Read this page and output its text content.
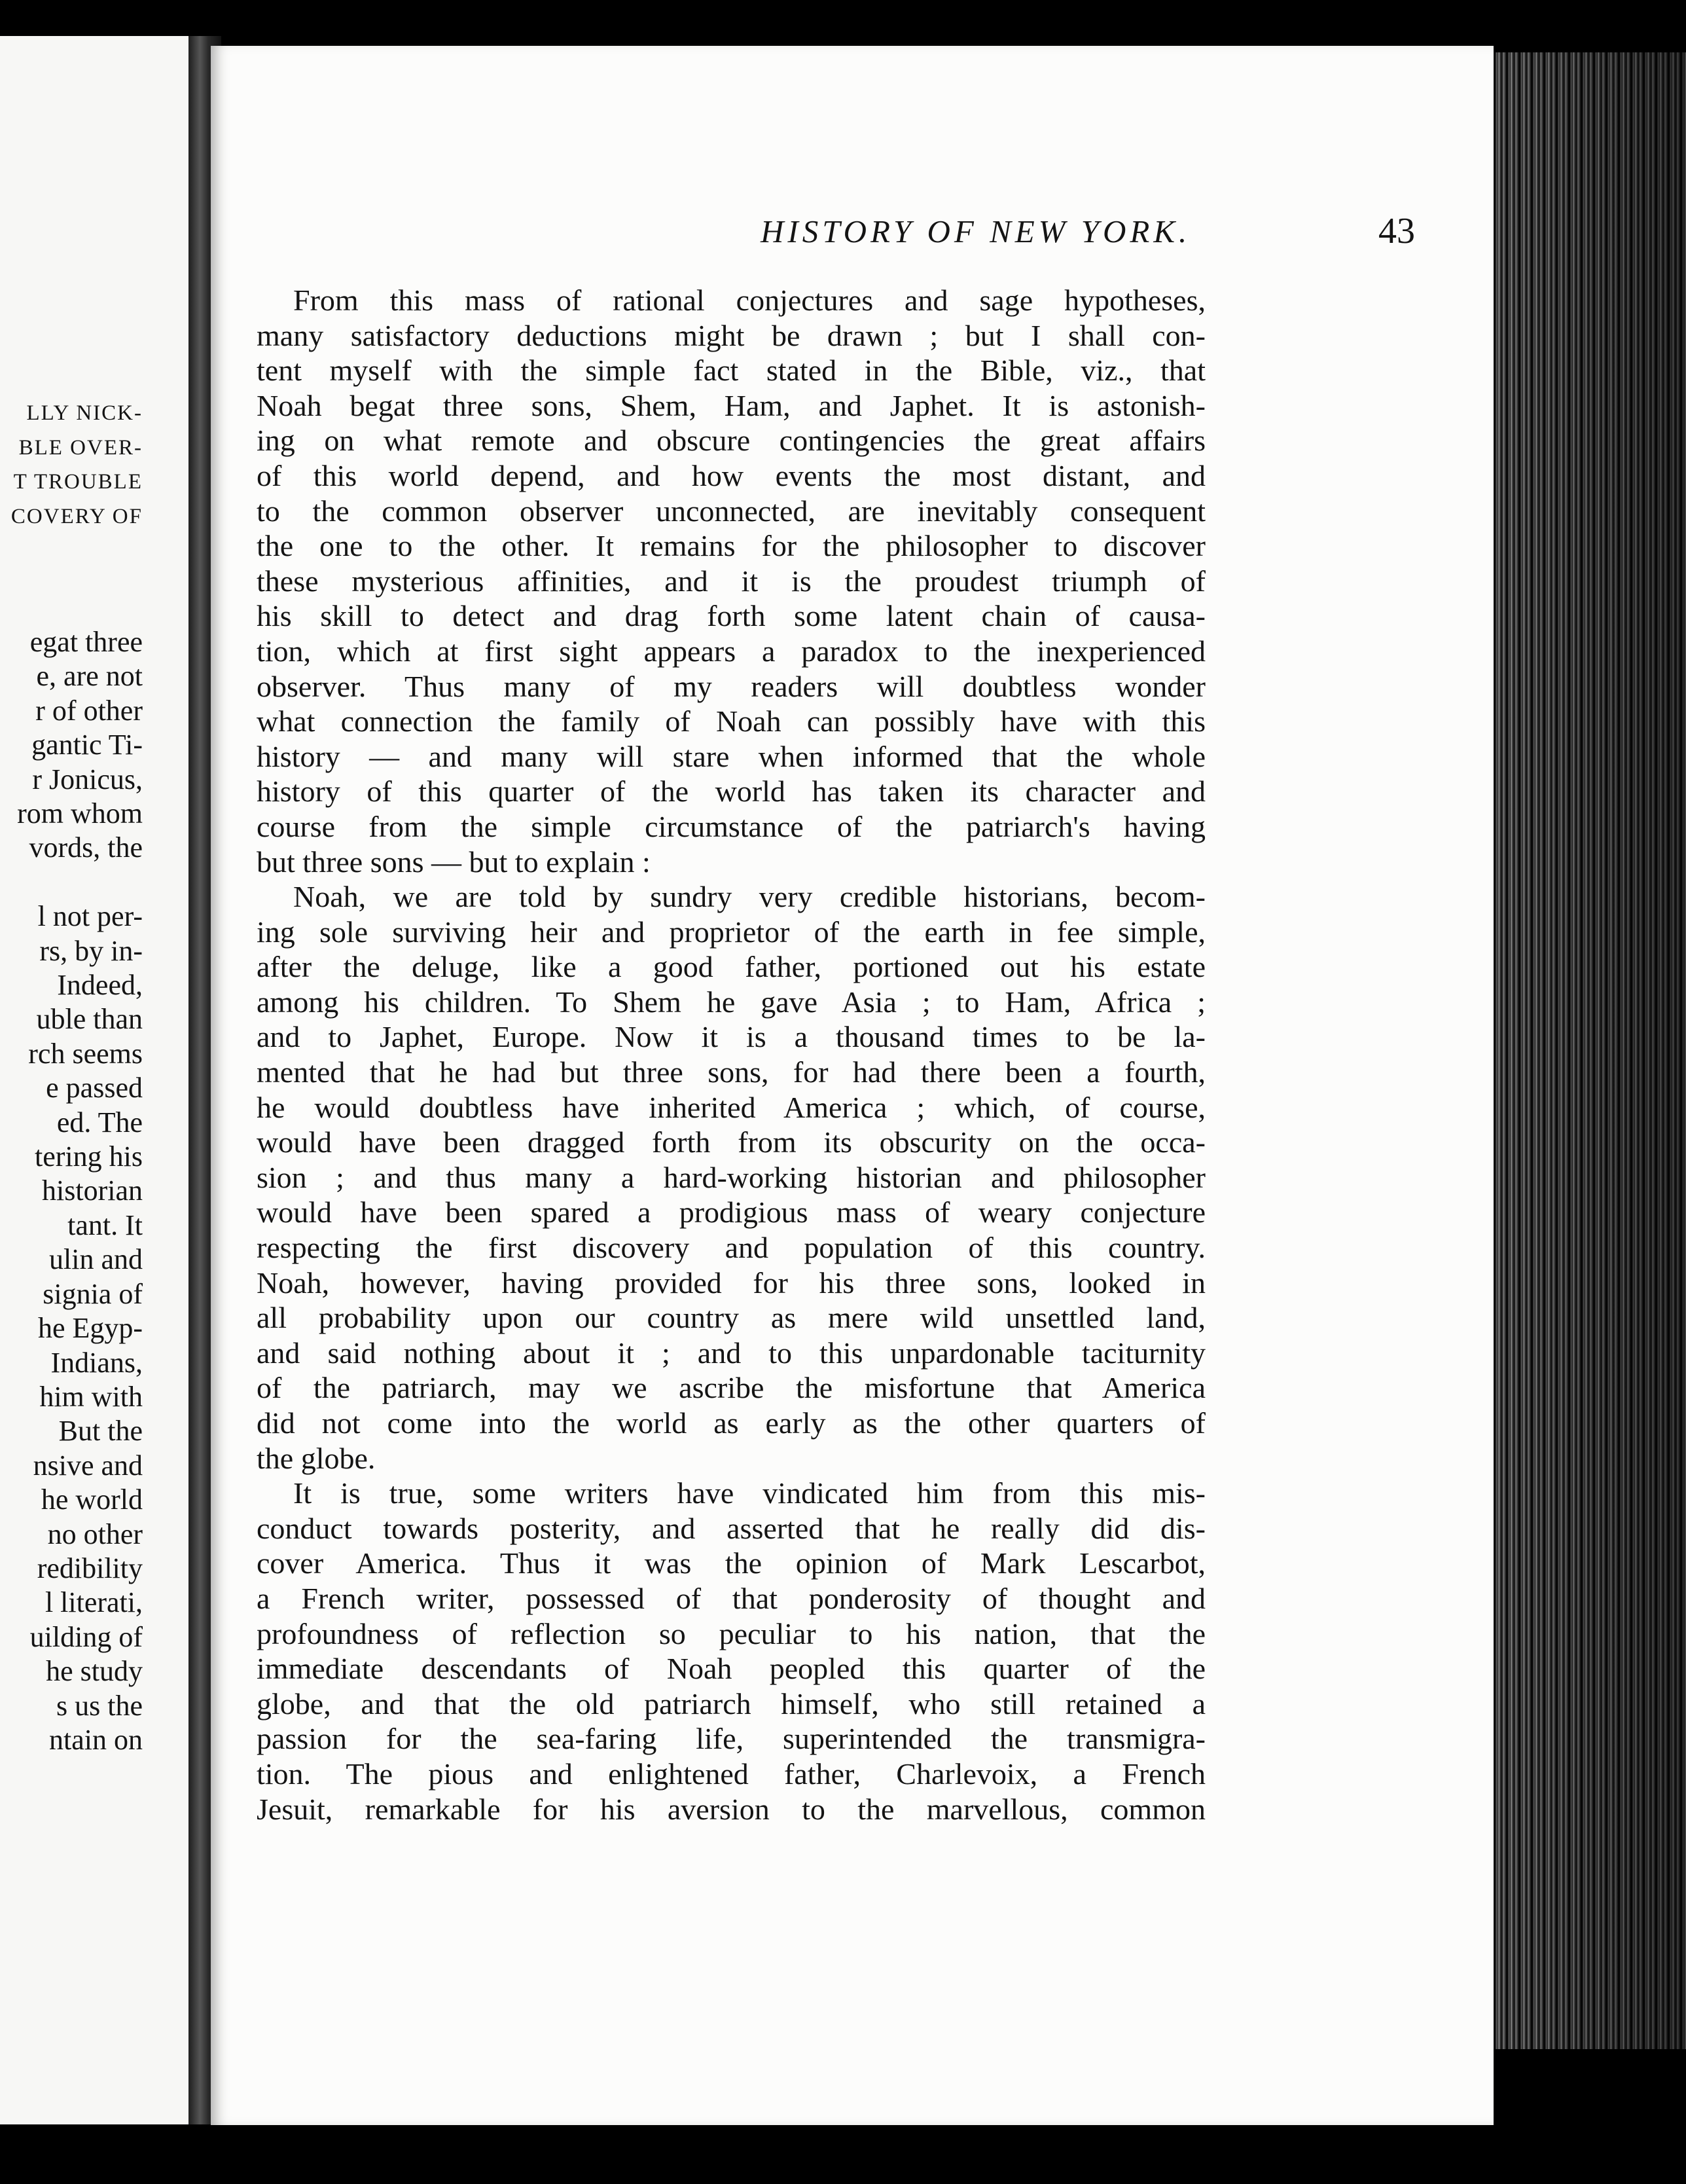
LLY NICK-
BLE OVER-
T TROUBLE
COVERY OF
egat three
e, are not
r of other
gantic Ti-
r Jonicus,
rom whom
vords, the
l not per-
rs, by in-
Indeed,
uble than
rch seems
e passed
ed. The
tering his
historian
tant. It
ulin and
signia of
he Egyp-
Indians,
him with
But the
nsive and
he world
no other
redibility
l literati,
uilding of
he study
s us the
ntain on
HISTORY OF NEW YORK.	43
From this mass of rational conjectures and sage hypotheses,
many satisfactory deductions might be drawn ; but I shall con-
tent myself with the simple fact stated in the Bible, viz., that
Noah begat three sons, Shem, Ham, and Japhet. It is astonish-
ing on what remote and obscure contingencies the great affairs
of this world depend, and how events the most distant, and
to the common observer unconnected, are inevitably consequent
the one to the other. It remains for the philosopher to discover
these mysterious affinities, and it is the proudest triumph of
his skill to detect and drag forth some latent chain of causa-
tion, which at first sight appears a paradox to the inexperienced
observer. Thus many of my readers will doubtless wonder
what connection the family of Noah can possibly have with this
history — and many will stare when informed that the whole
history of this quarter of the world has taken its character and
course from the simple circumstance of the patriarch's having
but three sons — but to explain :
Noah, we are told by sundry very credible historians, becom-
ing sole surviving heir and proprietor of the earth in fee simple,
after the deluge, like a good father, portioned out his estate
among his children. To Shem he gave Asia ; to Ham, Africa ;
and to Japhet, Europe. Now it is a thousand times to be la-
mented that he had but three sons, for had there been a fourth,
he would doubtless have inherited America ; which, of course,
would have been dragged forth from its obscurity on the occa-
sion ; and thus many a hard-working historian and philosopher
would have been spared a prodigious mass of weary conjecture
respecting the first discovery and population of this country.
Noah, however, having provided for his three sons, looked in
all probability upon our country as mere wild unsettled land,
and said nothing about it ; and to this unpardonable taciturnity
of the patriarch, may we ascribe the misfortune that America
did not come into the world as early as the other quarters of
the globe.
It is true, some writers have vindicated him from this mis-
conduct towards posterity, and asserted that he really did dis-
cover America. Thus it was the opinion of Mark Lescarbot,
a French writer, possessed of that ponderosity of thought and
profoundness of reflection so peculiar to his nation, that the
immediate descendants of Noah peopled this quarter of the
globe, and that the old patriarch himself, who still retained a
passion for the sea-faring life, superintended the transmigra-
tion. The pious and enlightened father, Charlevoix, a French
Jesuit, remarkable for his aversion to the marvellous, common
